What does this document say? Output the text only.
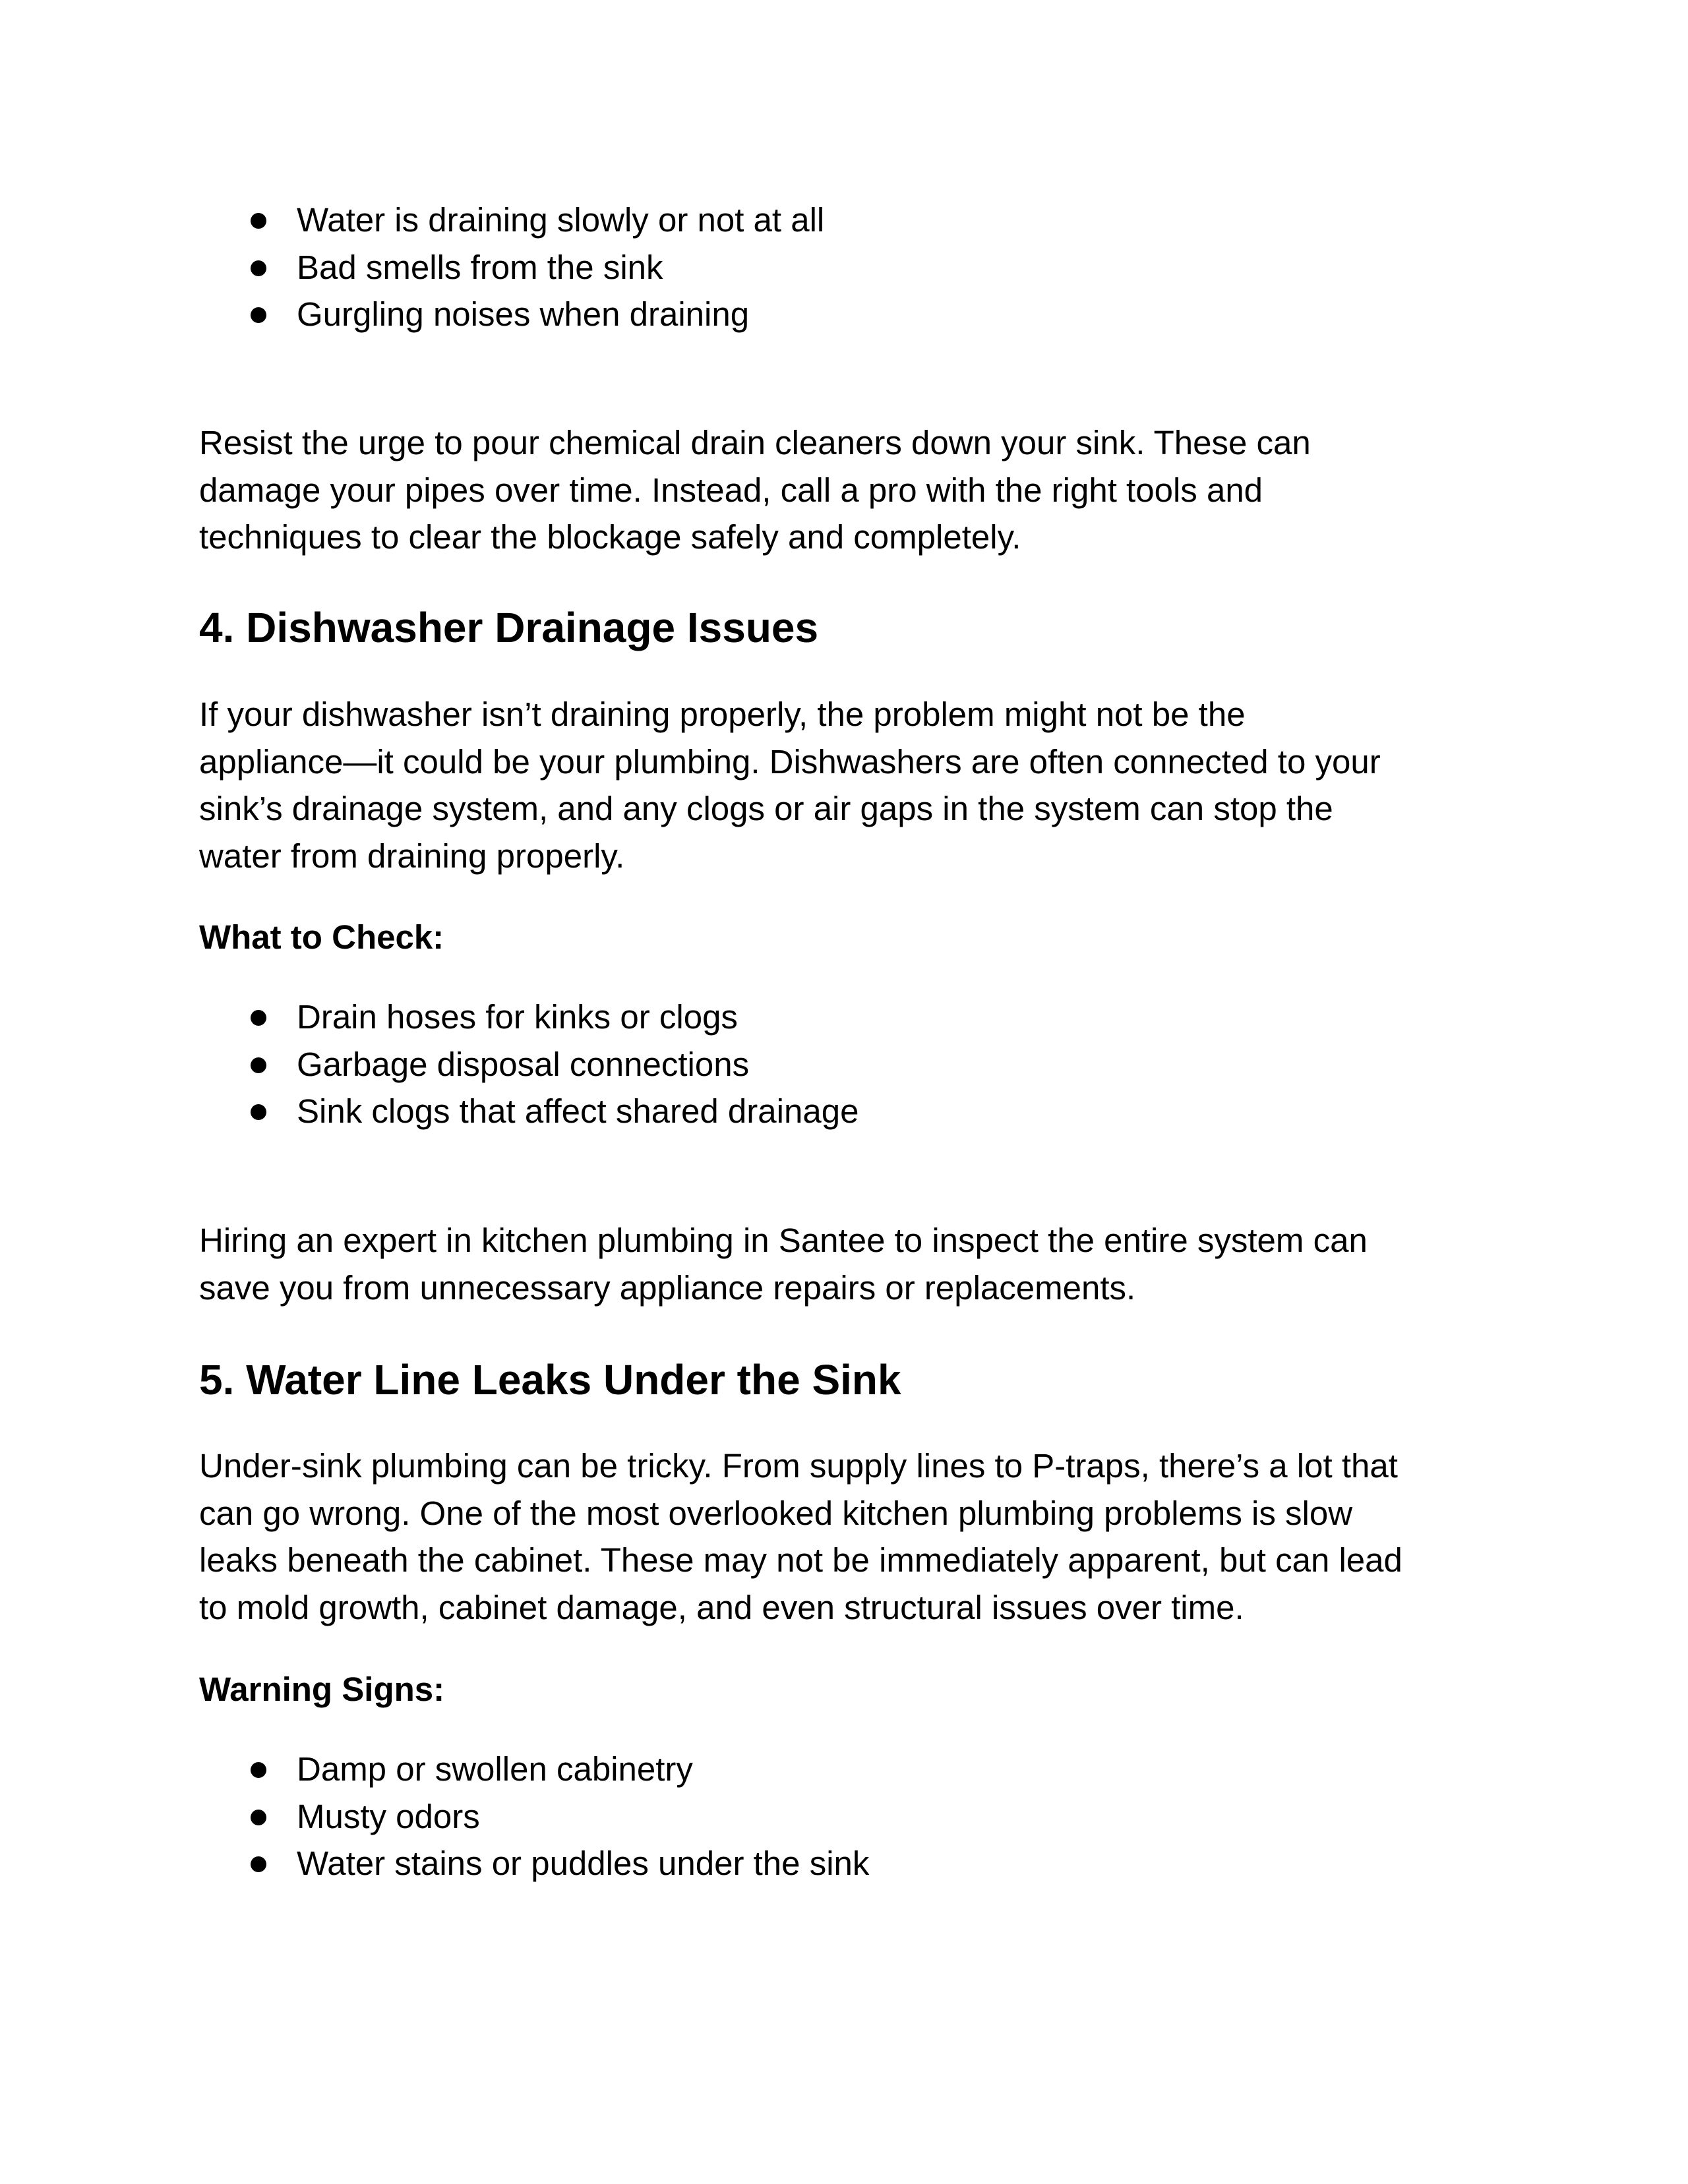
Water is draining slowly or not at all
Bad smells from the sink
Gurgling noises when draining

Resist the urge to pour chemical drain cleaners down your sink. These can
damage your pipes over time. Instead, call a pro with the right tools and
techniques to clear the blockage safely and completely.

4. Dishwasher Drainage Issues

If your dishwasher isn’t draining properly, the problem might not be the
appliance—it could be your plumbing. Dishwashers are often connected to your
sink’s drainage system, and any clogs or air gaps in the system can stop the
water from draining properly.

What to Check:

Drain hoses for kinks or clogs
Garbage disposal connections
Sink clogs that affect shared drainage

Hiring an expert in kitchen plumbing in Santee to inspect the entire system can
save you from unnecessary appliance repairs or replacements.

5. Water Line Leaks Under the Sink

Under-sink plumbing can be tricky. From supply lines to P-traps, there’s a lot that
can go wrong. One of the most overlooked kitchen plumbing problems is slow
leaks beneath the cabinet. These may not be immediately apparent, but can lead
to mold growth, cabinet damage, and even structural issues over time.

Warning Signs:

Damp or swollen cabinetry
Musty odors
Water stains or puddles under the sink
